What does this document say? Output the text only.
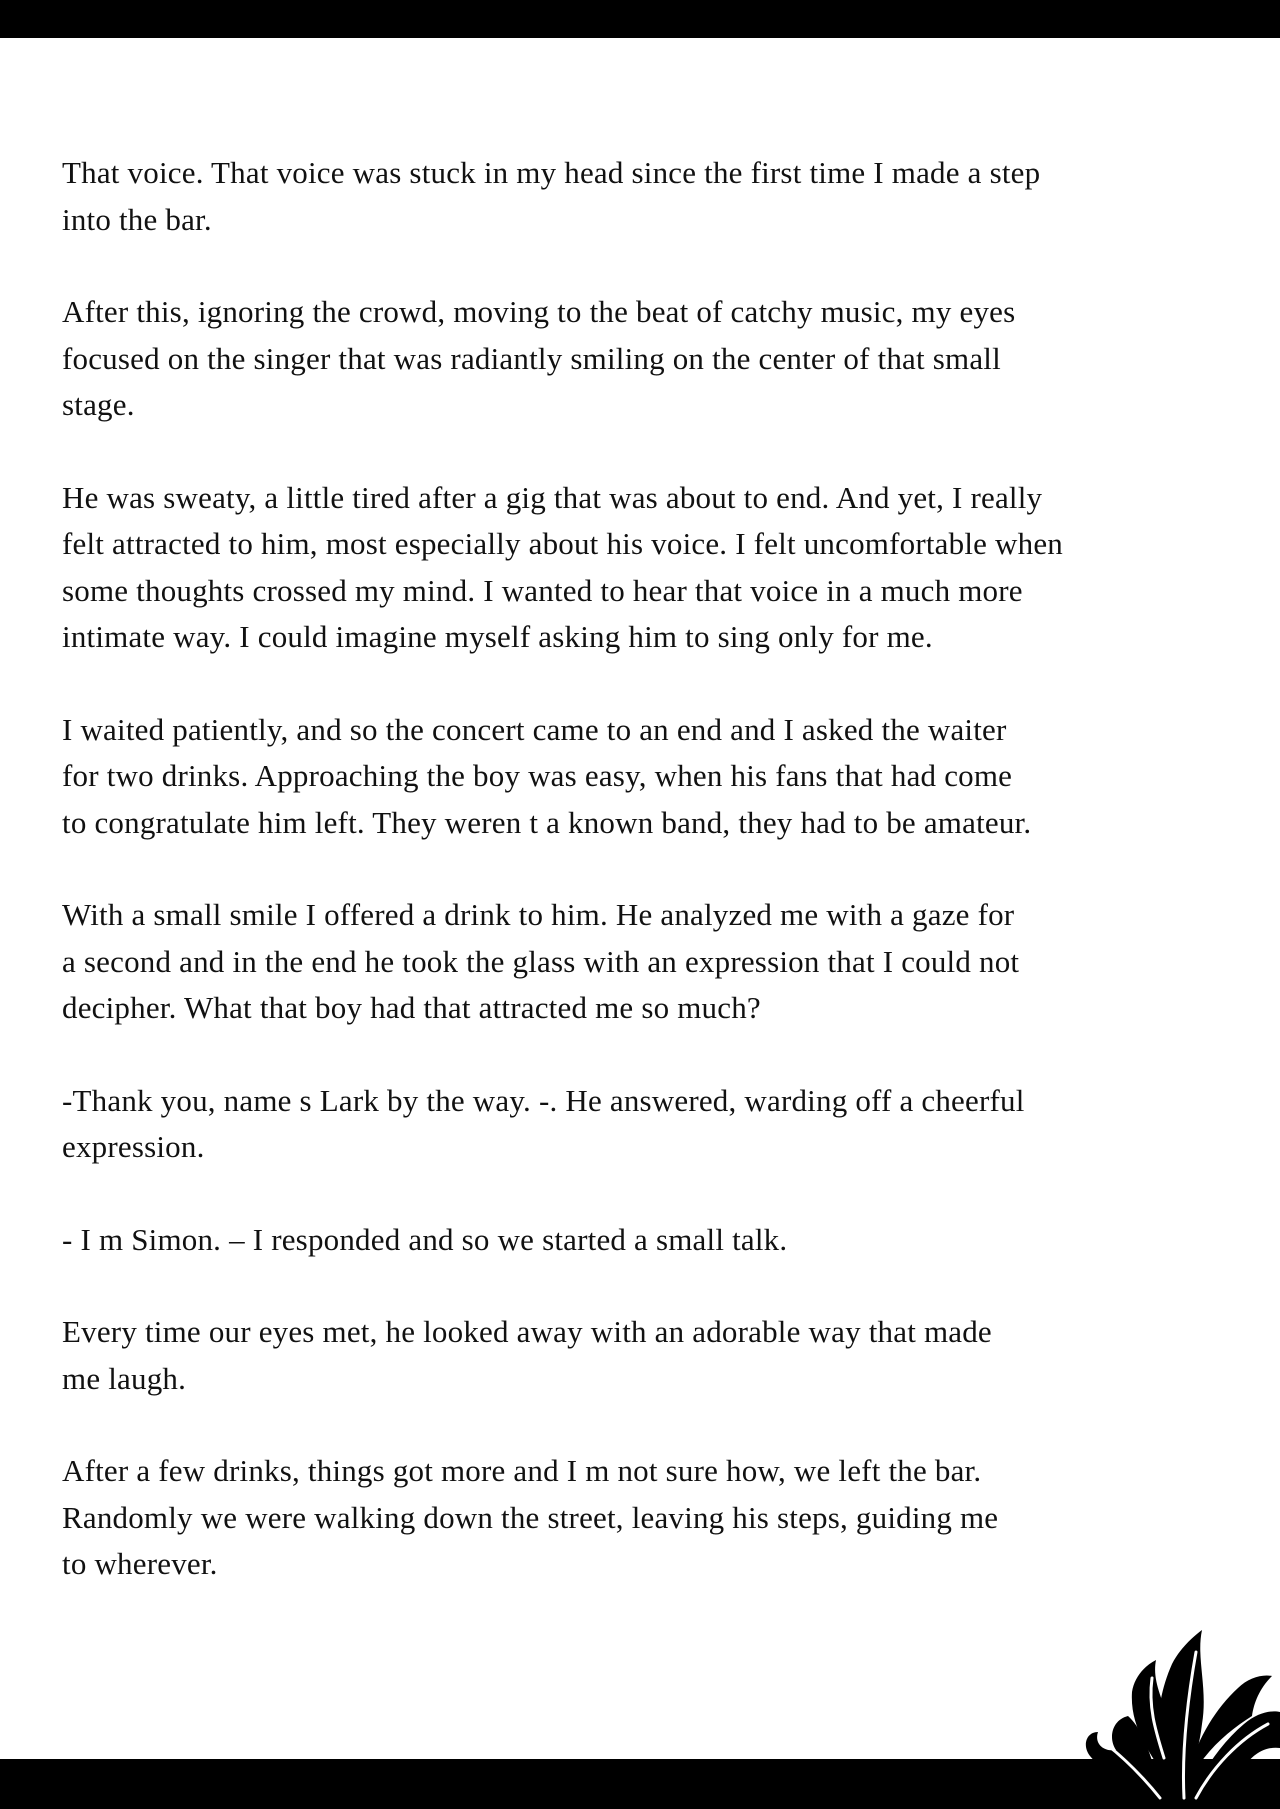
That voice. That voice was stuck in my head since the first time I made a step
into the bar.

After this, ignoring the crowd, moving to the beat of catchy music, my eyes
focused on the singer that was radiantly smiling on the center of that small
stage.

He was sweaty, a little tired after a gig that was about to end. And yet, I really
felt attracted to him, most especially about his voice. I felt uncomfortable when
some thoughts crossed my mind. I wanted to hear that voice in a much more
intimate way. I could imagine myself asking him to sing only for me.

I waited patiently, and so the concert came to an end and I asked the waiter
for two drinks. Approaching the boy was easy, when his fans that had come
to congratulate him left. They weren t a known band, they had to be amateur.

With a small smile I offered a drink to him. He analyzed me with a gaze for
a second and in the end he took the glass with an expression that I could not
decipher. What that boy had that attracted me so much?

-Thank you, name s Lark by the way. -. He answered, warding off a cheerful
expression.

- I m Simon. – I responded and so we started a small talk.

Every time our eyes met, he looked away with an adorable way that made
me laugh.

After a few drinks, things got more and I m not sure how, we left the bar.
Randomly we were walking down the street, leaving his steps, guiding me
to wherever.
